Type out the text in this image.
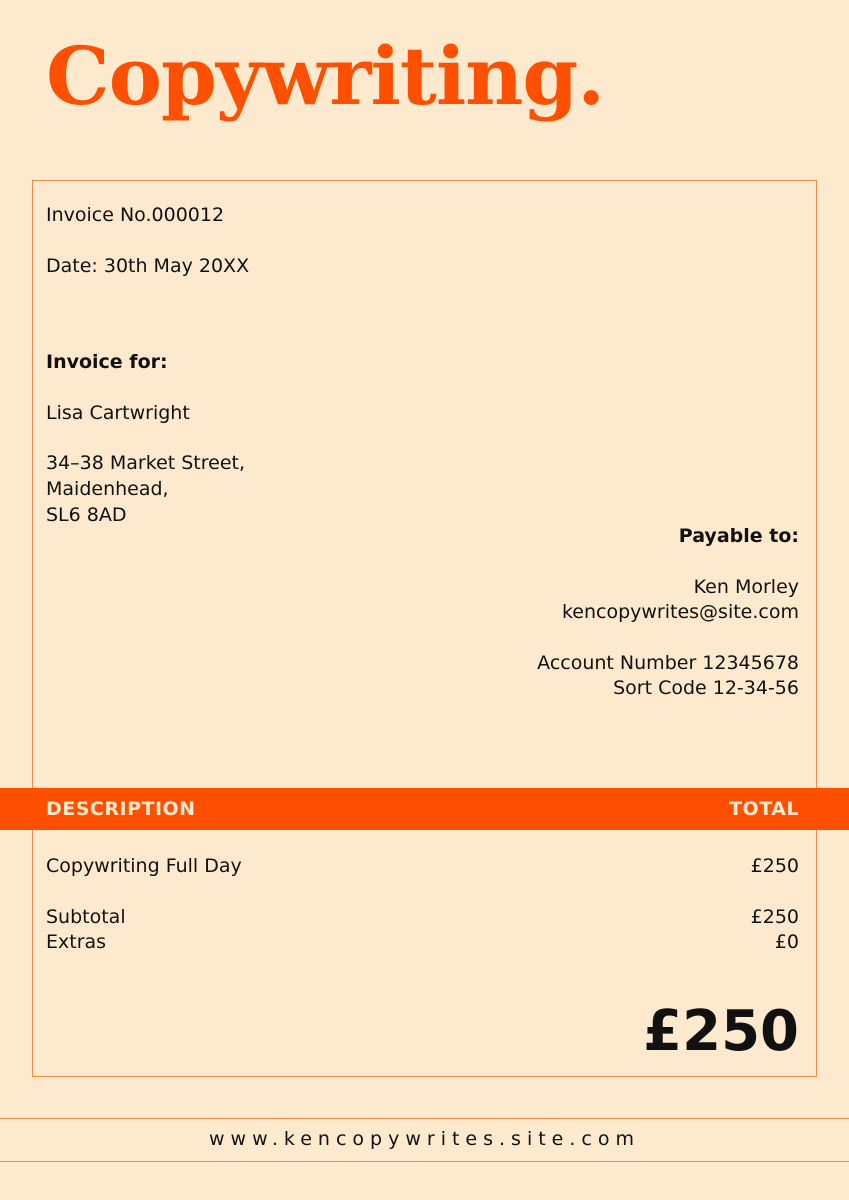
Copywriting.
Invoice No.000012
Date: 30th May 20XX
Invoice for:
Lisa Cartwright
34–38 Market Street,
Maidenhead,
SL6 8AD
Payable to:
Ken Morley
kencopywrites@site.com
Account Number 12345678
Sort Code 12-34-56
DESCRIPTION	TOTAL
Copywriting Full Day	£250
Subtotal	£250
Extras	£0
£250
www.kencopywrites.site.com
